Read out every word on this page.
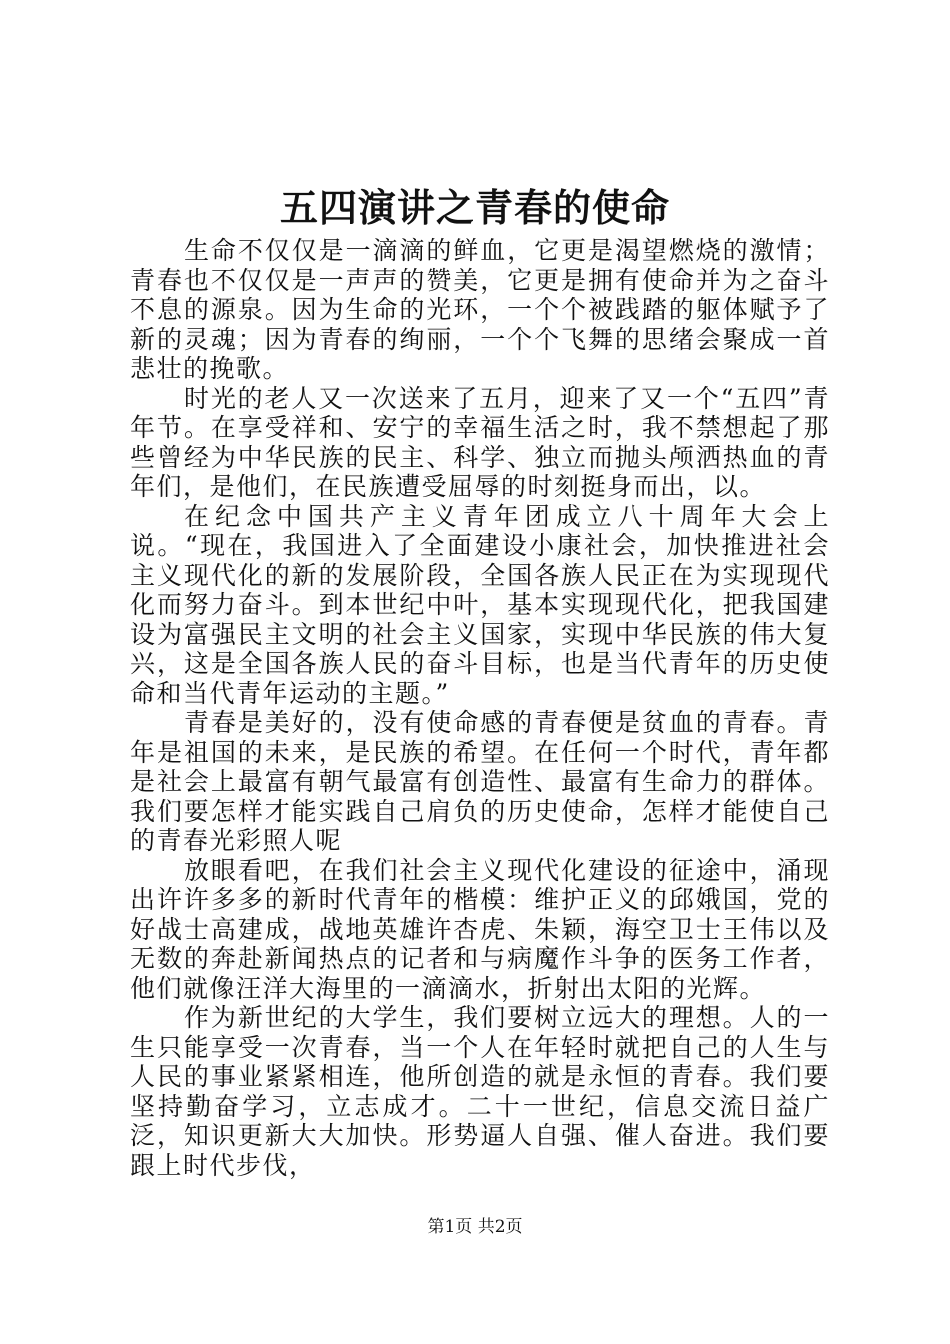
五四演讲之青春的使命

生命不仅仅是一滴滴的鲜血，它更是渴望燃烧的激情；青春也不仅仅是一声声的赞美，它更是拥有使命并为之奋斗不息的源泉。因为生命的光环，一个个被践踏的躯体赋予了新的灵魂；因为青春的绚丽，一个个飞舞的思绪会聚成一首悲壮的挽歌。

时光的老人又一次送来了五月，迎来了又一个“五四”青年节。在享受祥和、安宁的幸福生活之时，我不禁想起了那些曾经为中华民族的民主、科学、独立而抛头颅洒热血的青年们，是他们，在民族遭受屈辱的时刻挺身而出，以。

在纪念中国共产主义青年团成立八十周年大会上说。“现在，我国进入了全面建设小康社会，加快推进社会主义现代化的新的发展阶段，全国各族人民正在为实现现代化而努力奋斗。到本世纪中叶，基本实现现代化，把我国建设为富强民主文明的社会主义国家，实现中华民族的伟大复兴，这是全国各族人民的奋斗目标，也是当代青年的历史使命和当代青年运动的主题。”

青春是美好的，没有使命感的青春便是贫血的青春。青年是祖国的未来，是民族的希望。在任何一个时代，青年都是社会上最富有朝气最富有创造性、最富有生命力的群体。我们要怎样才能实践自己肩负的历史使命，怎样才能使自己的青春光彩照人呢

放眼看吧，在我们社会主义现代化建设的征途中，涌现出许许多多的新时代青年的楷模：维护正义的邱娥国，党的好战士高建成，战地英雄许杏虎、朱颖，海空卫士王伟以及无数的奔赴新闻热点的记者和与病魔作斗争的医务工作者，他们就像汪洋大海里的一滴滴水，折射出太阳的光辉。

作为新世纪的大学生，我们要树立远大的理想。人的一生只能享受一次青春，当一个人在年轻时就把自己的人生与人民的事业紧紧相连，他所创造的就是永恒的青春。我们要坚持勤奋学习，立志成才。二十一世纪，信息交流日益广泛，知识更新大大加快。形势逼人自强、催人奋进。我们要跟上时代步伐，

第1页 共2页
